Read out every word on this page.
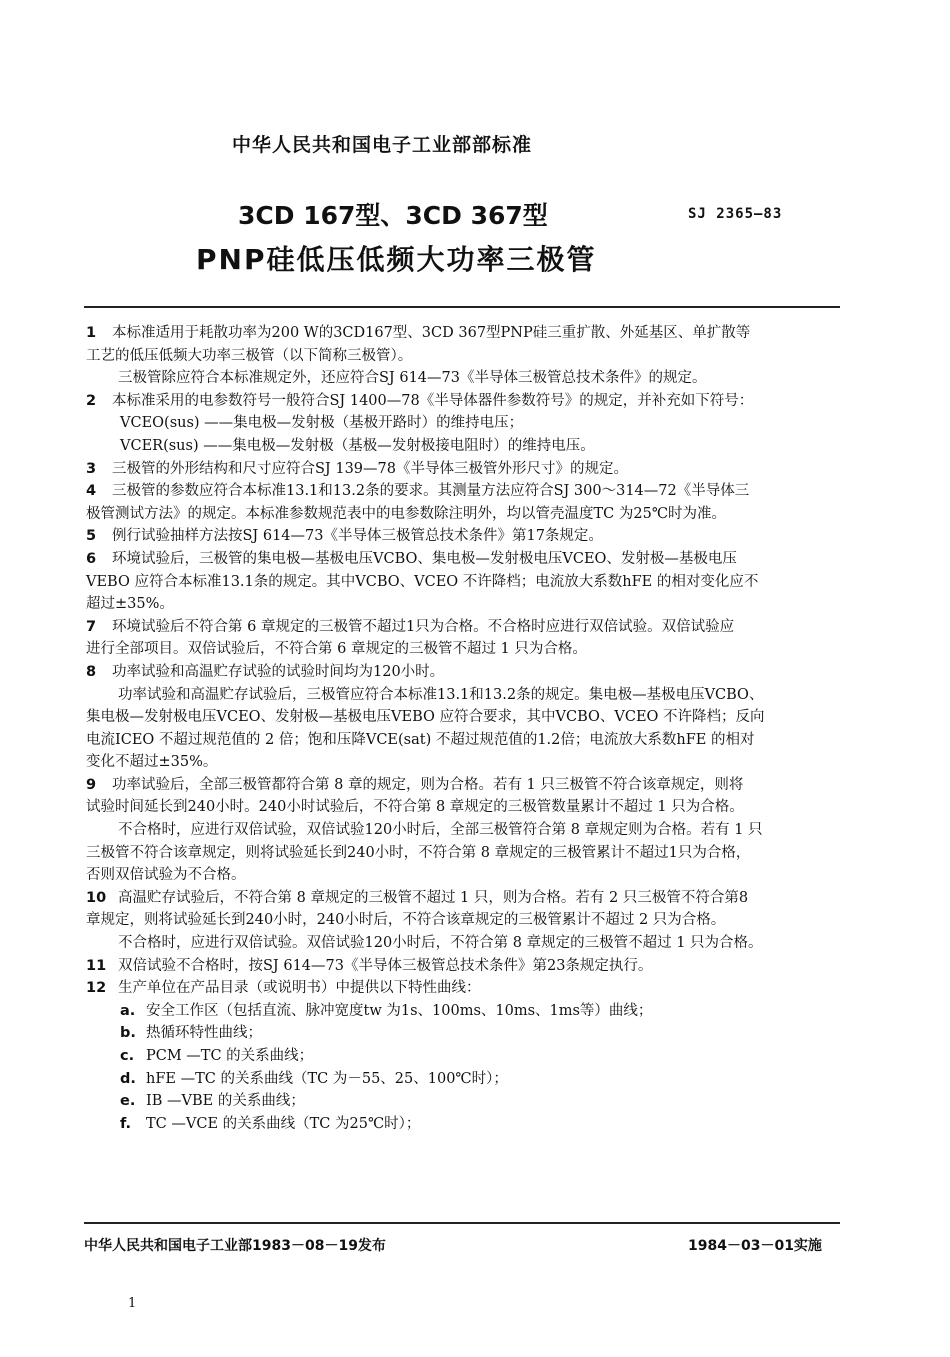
中华人民共和国电子工业部部标准
3CD 167型、3CD 367型
PNP硅低压低频大功率三极管
SJ 2365—83
1 本标准适用于耗散功率为200 W的3CD167型、3CD 367型PNP硅三重扩散、外延基区、单扩散等
工艺的低压低频大功率三极管（以下简称三极管）。
三极管除应符合本标准规定外，还应符合SJ 614—73《半导体三极管总技术条件》的规定。
2 本标准采用的电参数符号一般符合SJ 1400—78《半导体器件参数符号》的规定，并补充如下符号：
VCEO(sus) ——集电极—发射极（基极开路时）的维持电压；
VCER(sus) ——集电极—发射极（基极—发射极接电阻时）的维持电压。
3 三极管的外形结构和尺寸应符合SJ 139—78《半导体三极管外形尺寸》的规定。
4 三极管的参数应符合本标准13.1和13.2条的要求。其测量方法应符合SJ 300～314—72《半导体三
极管测试方法》的规定。本标准参数规范表中的电参数除注明外，均以管壳温度TC 为25℃时为准。
5 例行试验抽样方法按SJ 614—73《半导体三极管总技术条件》第17条规定。
6 环境试验后，三极管的集电极—基极电压VCBO、集电极—发射极电压VCEO、发射极—基极电压
VEBO 应符合本标准13.1条的规定。其中VCBO、VCEO 不许降档；电流放大系数hFE 的相对变化应不
超过±35%。
7 环境试验后不符合第 6 章规定的三极管不超过1只为合格。不合格时应进行双倍试验。双倍试验应
进行全部项目。双倍试验后，不符合第 6 章规定的三极管不超过 1 只为合格。
8 功率试验和高温贮存试验的试验时间均为120小时。
功率试验和高温贮存试验后，三极管应符合本标准13.1和13.2条的规定。集电极—基极电压VCBO、
集电极—发射极电压VCEO、发射极—基极电压VEBO 应符合要求，其中VCBO、VCEO 不许降档；反向
电流ICEO 不超过规范值的 2 倍；饱和压降VCE(sat) 不超过规范值的1.2倍；电流放大系数hFE 的相对
变化不超过±35%。
9 功率试验后，全部三极管都符合第 8 章的规定，则为合格。若有 1 只三极管不符合该章规定，则将
试验时间延长到240小时。240小时试验后，不符合第 8 章规定的三极管数量累计不超过 1 只为合格。
不合格时，应进行双倍试验，双倍试验120小时后，全部三极管符合第 8 章规定则为合格。若有 1 只
三极管不符合该章规定，则将试验延长到240小时，不符合第 8 章规定的三极管累计不超过1只为合格，
否则双倍试验为不合格。
10 高温贮存试验后，不符合第 8 章规定的三极管不超过 1 只，则为合格。若有 2 只三极管不符合第8
章规定，则将试验延长到240小时，240小时后，不符合该章规定的三极管累计不超过 2 只为合格。
不合格时，应进行双倍试验。双倍试验120小时后，不符合第 8 章规定的三极管不超过 1 只为合格。
11 双倍试验不合格时，按SJ 614—73《半导体三极管总技术条件》第23条规定执行。
12 生产单位在产品目录（或说明书）中提供以下特性曲线：
a. 安全工作区（包括直流、脉冲宽度tw 为1s、100ms、10ms、1ms等）曲线；
b. 热循环特性曲线；
c. PCM —TC 的关系曲线；
d. hFE —TC 的关系曲线（TC 为－55、25、100℃时）；
e. IB —VBE 的关系曲线；
f. TC —VCE 的关系曲线（TC 为25℃时）；
中华人民共和国电子工业部1983－08－19发布	1984－03－01实施
1
